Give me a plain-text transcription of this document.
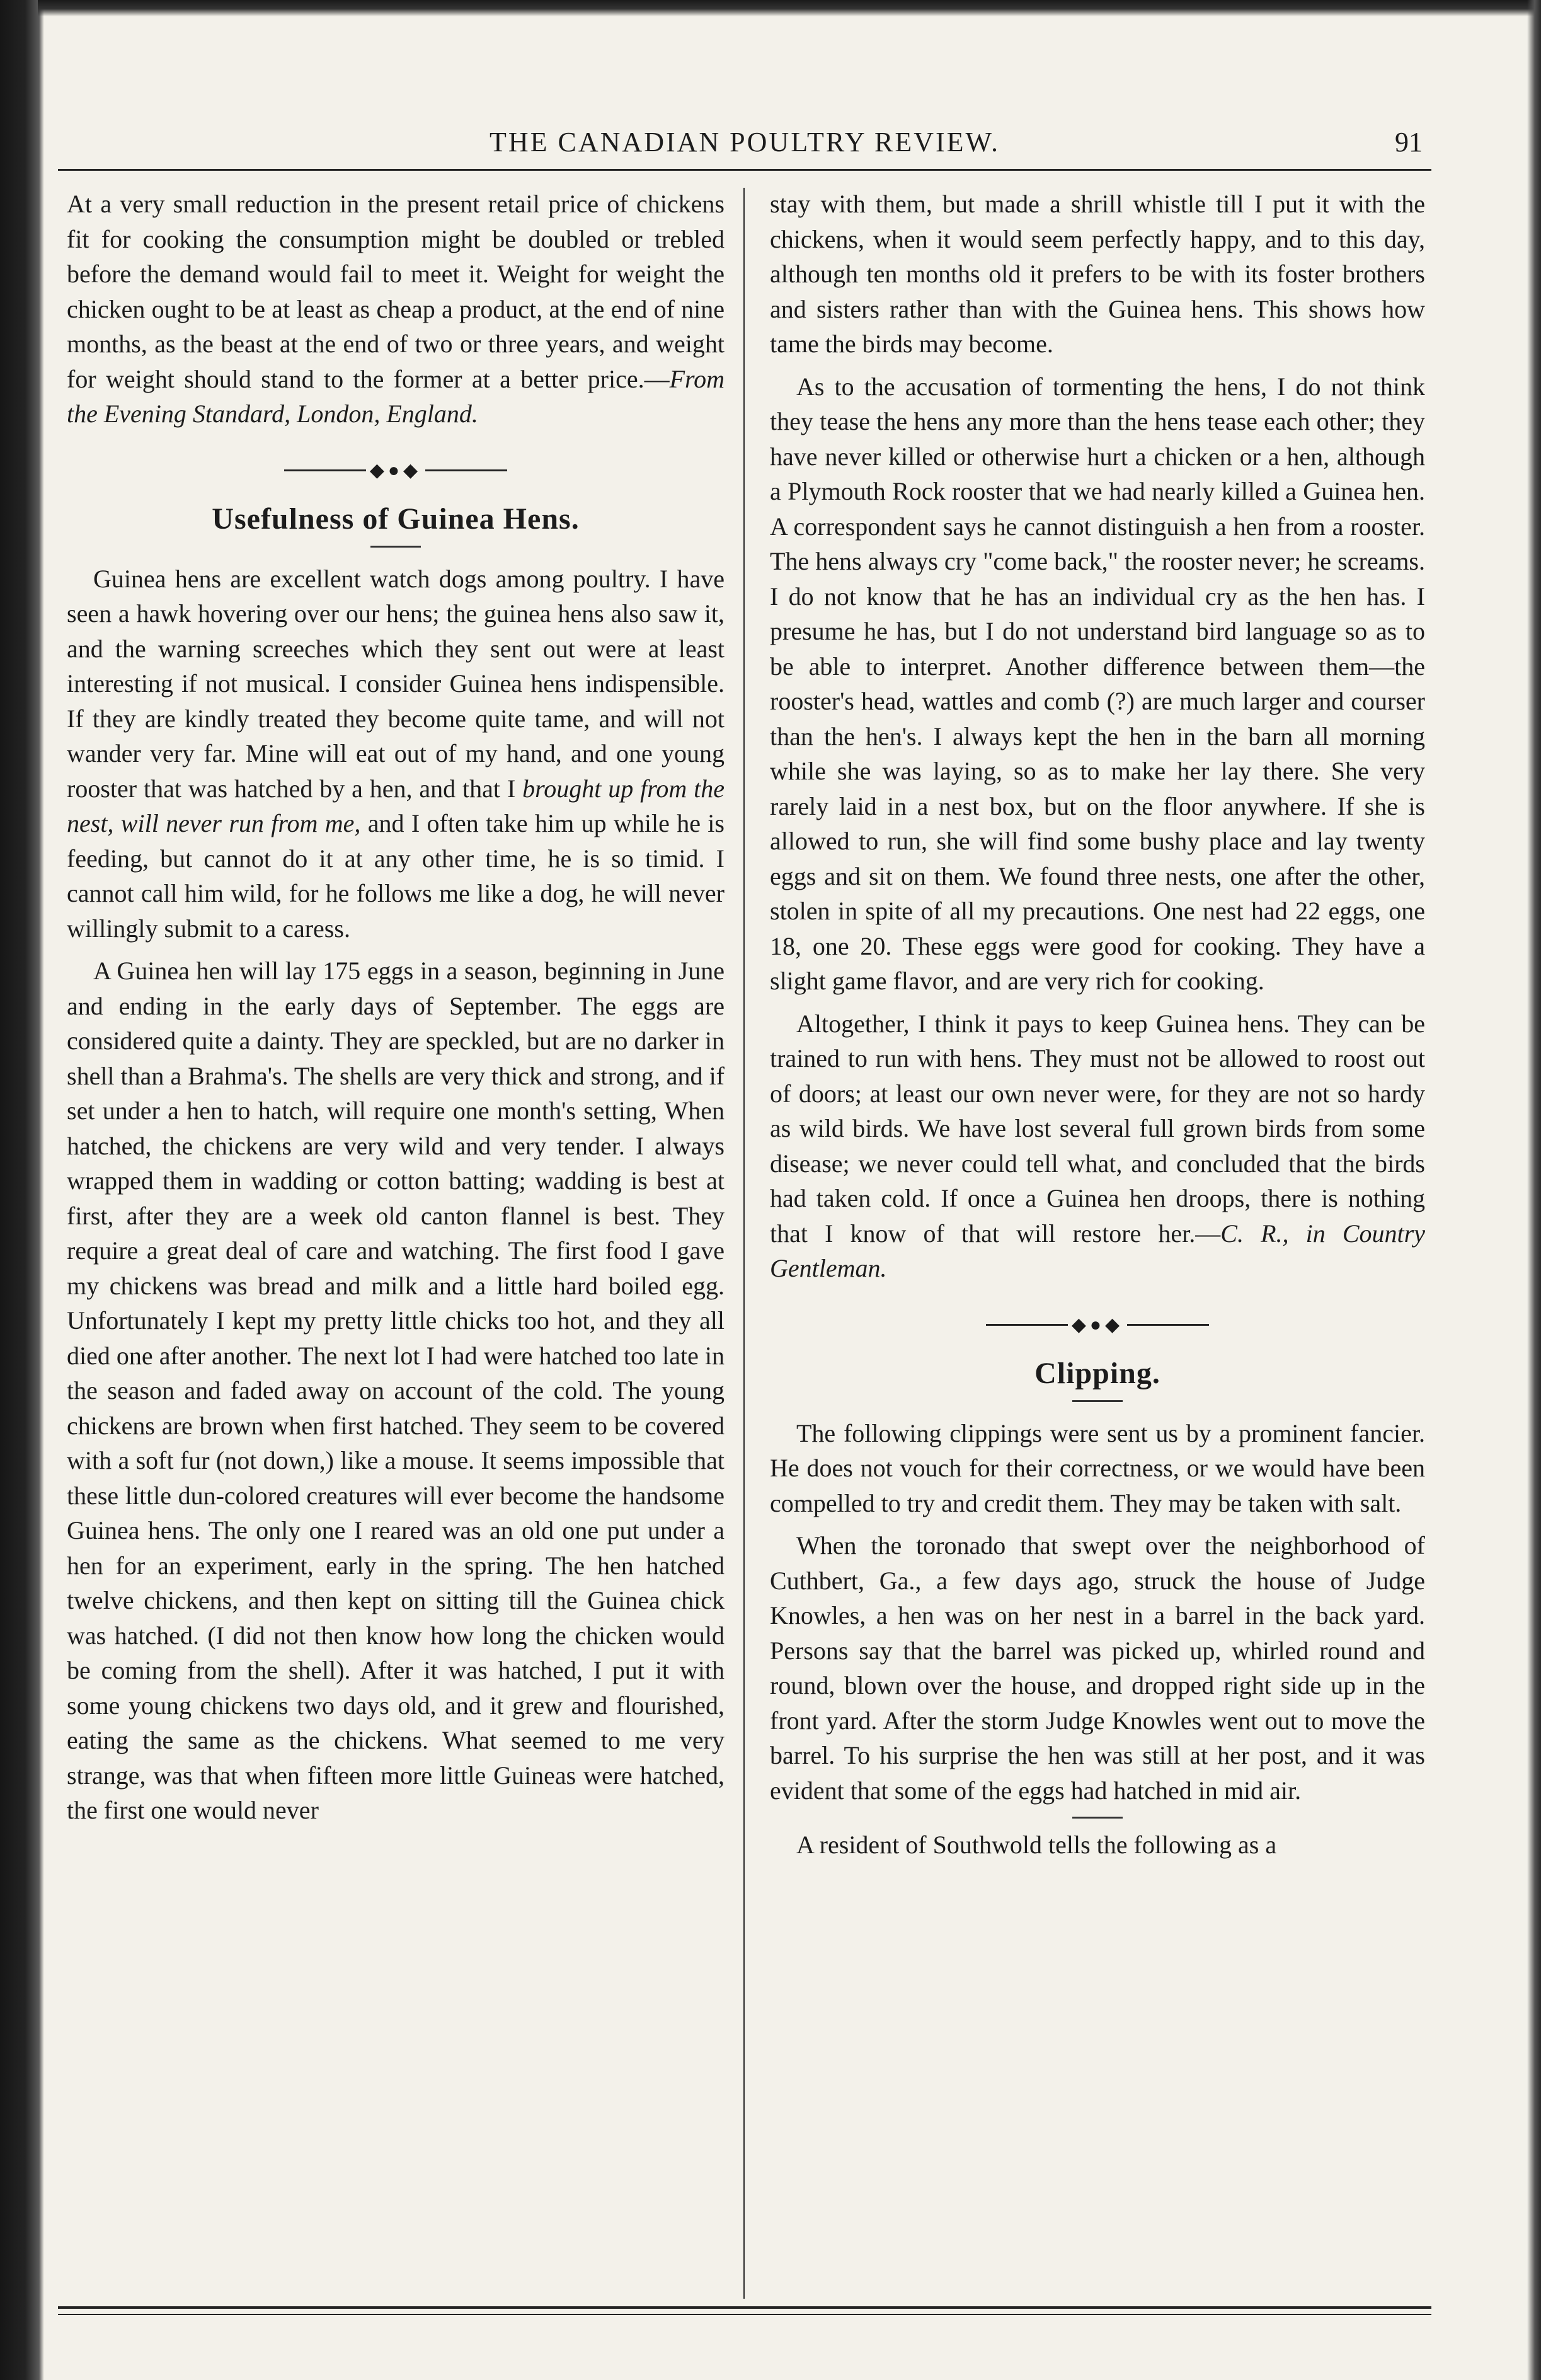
THE CANADIAN POULTRY REVIEW.	91

At a very small reduction in the present retail price of chickens fit for cooking the consumption might be doubled or trebled before the demand would fail to meet it. Weight for weight the chicken ought to be at least as cheap a product, at the end of nine months, as the beast at the end of two or three years, and weight for weight should stand to the former at a better price.—From the Evening Standard, London, England.

◆●◆
Usefulness of Guinea Hens.

Guinea hens are excellent watch dogs among poultry. I have seen a hawk hovering over our hens; the guinea hens also saw it, and the warning screeches which they sent out were at least interesting if not musical. I consider Guinea hens indispensible. If they are kindly treated they become quite tame, and will not wander very far. Mine will eat out of my hand, and one young rooster that was hatched by a hen, and that I brought up from the nest, will never run from me, and I often take him up while he is feeding, but cannot do it at any other time, he is so timid. I cannot call him wild, for he follows me like a dog, he will never willingly submit to a caress.

A Guinea hen will lay 175 eggs in a season, beginning in June and ending in the early days of September. The eggs are considered quite a dainty. They are speckled, but are no darker in shell than a Brahma's. The shells are very thick and strong, and if set under a hen to hatch, will require one month's setting, When hatched, the chickens are very wild and very tender. I always wrapped them in wadding or cotton batting; wadding is best at first, after they are a week old canton flannel is best. They require a great deal of care and watching. The first food I gave my chickens was bread and milk and a little hard boiled egg. Unfortunately I kept my pretty little chicks too hot, and they all died one after another. The next lot I had were hatched too late in the season and faded away on account of the cold. The young chickens are brown when first hatched. They seem to be covered with a soft fur (not down,) like a mouse. It seems impossible that these little dun-colored creatures will ever become the handsome Guinea hens. The only one I reared was an old one put under a hen for an experiment, early in the spring. The hen hatched twelve chickens, and then kept on sitting till the Guinea chick was hatched. (I did not then know how long the chicken would be coming from the shell). After it was hatched, I put it with some young chickens two days old, and it grew and flourished, eating the same as the chickens. What seemed to me very strange, was that when fifteen more little Guineas were hatched, the first one would never

stay with them, but made a shrill whistle till I put it with the chickens, when it would seem perfectly happy, and to this day, although ten months old it prefers to be with its foster brothers and sisters rather than with the Guinea hens. This shows how tame the birds may become.

As to the accusation of tormenting the hens, I do not think they tease the hens any more than the hens tease each other; they have never killed or otherwise hurt a chicken or a hen, although a Plymouth Rock rooster that we had nearly killed a Guinea hen. A correspondent says he cannot distinguish a hen from a rooster. The hens always cry "come back," the rooster never; he screams. I do not know that he has an individual cry as the hen has. I presume he has, but I do not understand bird language so as to be able to interpret. Another difference between them—the rooster's head, wattles and comb (?) are much larger and courser than the hen's. I always kept the hen in the barn all morning while she was laying, so as to make her lay there. She very rarely laid in a nest box, but on the floor anywhere. If she is allowed to run, she will find some bushy place and lay twenty eggs and sit on them. We found three nests, one after the other, stolen in spite of all my precautions. One nest had 22 eggs, one 18, one 20. These eggs were good for cooking. They have a slight game flavor, and are very rich for cooking.

Altogether, I think it pays to keep Guinea hens. They can be trained to run with hens. They must not be allowed to roost out of doors; at least our own never were, for they are not so hardy as wild birds. We have lost several full grown birds from some disease; we never could tell what, and concluded that the birds had taken cold. If once a Guinea hen droops, there is nothing that I know of that will restore her.—C. R., in Country Gentleman.

◆●◆
Clipping.

The following clippings were sent us by a prominent fancier. He does not vouch for their correctness, or we would have been compelled to try and credit them. They may be taken with salt.

When the toronado that swept over the neighborhood of Cuthbert, Ga., a few days ago, struck the house of Judge Knowles, a hen was on her nest in a barrel in the back yard. Persons say that the barrel was picked up, whirled round and round, blown over the house, and dropped right side up in the front yard. After the storm Judge Knowles went out to move the barrel. To his surprise the hen was still at her post, and it was evident that some of the eggs had hatched in mid air.

A resident of Southwold tells the following as a
